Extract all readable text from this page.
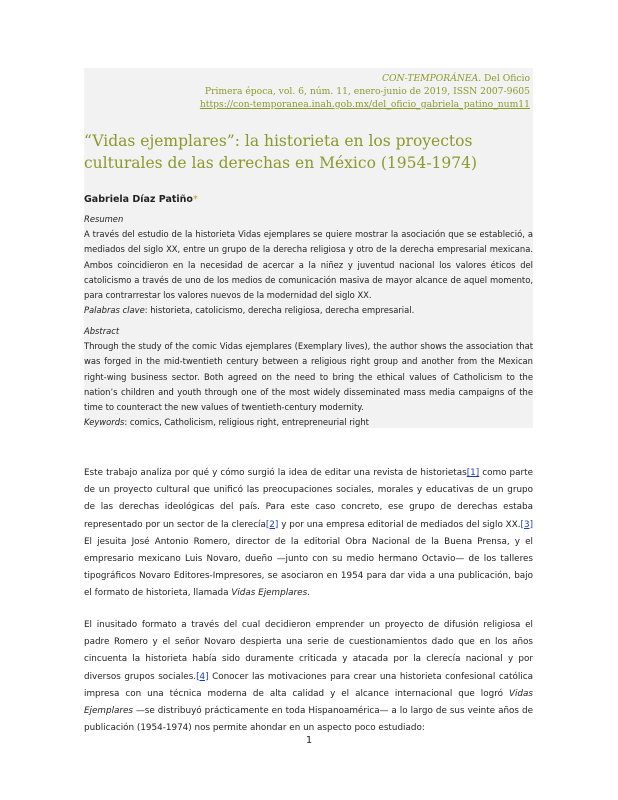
CON-TEMPORÁNEA. Del Oficio
Primera época, vol. 6, núm. 11, enero-junio de 2019, ISSN 2007-9605
https://con-temporanea.inah.gob.mx/del_oficio_gabriela_patino_num11
“Vidas ejemplares”: la historieta en los proyectos culturales de las derechas en México (1954-1974)
Gabriela Díaz Patiño*
Resumen
A través del estudio de la historieta Vidas ejemplares se quiere mostrar la asociación que se estableció, a mediados del siglo XX, entre un grupo de la derecha religiosa y otro de la derecha empresarial mexicana. Ambos coincidieron en la necesidad de acercar a la niñez y juventud nacional los valores éticos del catolicismo a través de uno de los medios de comunicación masiva de mayor alcance de aquel momento, para contrarrestar los valores nuevos de la modernidad del siglo XX.
Palabras clave: historieta, catolicismo, derecha religiosa, derecha empresarial.
Abstract
Through the study of the comic Vidas ejemplares (Exemplary lives), the author shows the association that was forged in the mid-twentieth century between a religious right group and another from the Mexican right-wing business sector. Both agreed on the need to bring the ethical values of Catholicism to the nation’s children and youth through one of the most widely disseminated mass media campaigns of the time to counteract the new values of twentieth-century modernity.
Keywords: comics, Catholicism, religious right, entrepreneurial right

Este trabajo analiza por qué y cómo surgió la idea de editar una revista de historietas[1] como parte de un proyecto cultural que unificó las preocupaciones sociales, morales y educativas de un grupo de las derechas ideológicas del país. Para este caso concreto, ese grupo de derechas estaba representado por un sector de la clerecía[2] y por una empresa editorial de mediados del siglo XX.[3] El jesuita José Antonio Romero, director de la editorial Obra Nacional de la Buena Prensa, y el empresario mexicano Luis Novaro, dueño —junto con su medio hermano Octavio— de los talleres tipográficos Novaro Editores-Impresores, se asociaron en 1954 para dar vida a una publicación, bajo el formato de historieta, llamada Vidas Ejemplares.

El inusitado formato a través del cual decidieron emprender un proyecto de difusión religiosa el padre Romero y el señor Novaro despierta una serie de cuestionamientos dado que en los años cincuenta la historieta había sido duramente criticada y atacada por la clerecía nacional y por diversos grupos sociales.[4] Conocer las motivaciones para crear una historieta confesional católica impresa con una técnica moderna de alta calidad y el alcance internacional que logró Vidas Ejemplares —se distribuyó prácticamente en toda Hispanoamérica— a lo largo de sus veinte años de publicación (1954-1974) nos permite ahondar en un aspecto poco estudiado:

1
